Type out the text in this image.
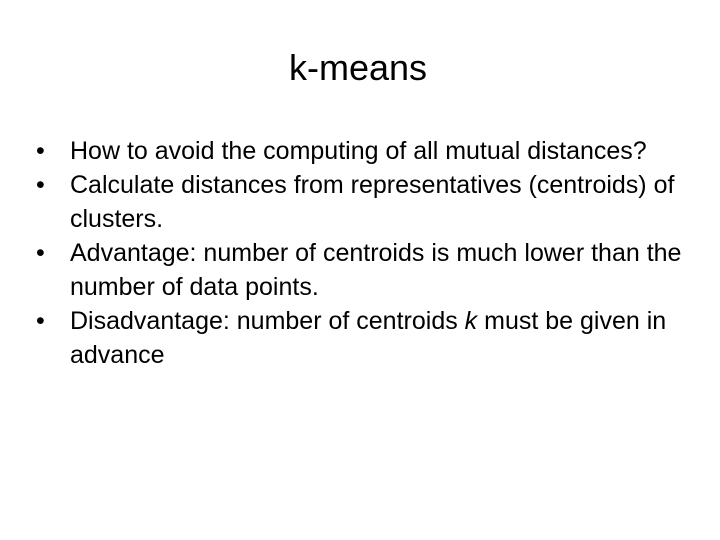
k-means
•	How to avoid the computing of all mutual distances?
•	Calculate distances from representatives (centroids) of clusters.
•	Advantage: number of centroids is much lower than the number of data points.
•	Disadvantage: number of centroids k must be given in advance
